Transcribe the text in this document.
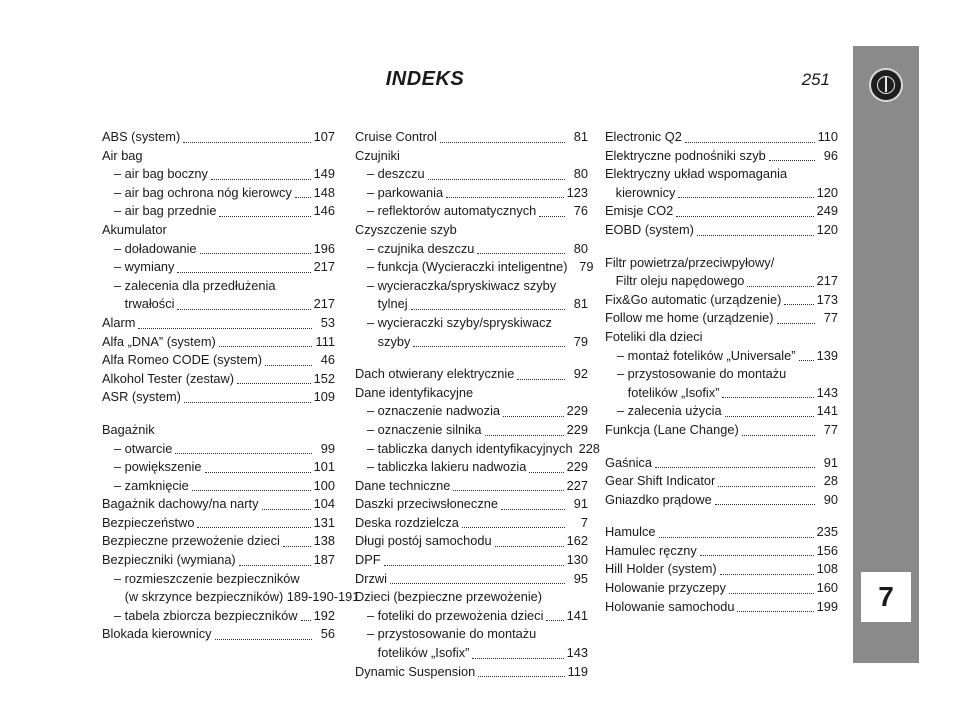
INDEKS	251
7
ABS (system)	107
Air bag
– air bag boczny	149
– air bag ochrona nóg kierowcy 148
– air bag przednie	146
Akumulator
– doładowanie	196
– wymiany	217
– zalecenia dla przedłużenia
trwałości	217
Alarm	53
Alfa „DNA” (system)	111
Alfa Romeo CODE (system)	46
Alkohol Tester (zestaw)	152
ASR (system)	109
Bagażnik
– otwarcie	99
– powiększenie	101
– zamknięcie	100
Bagażnik dachowy/na narty	104
Bezpieczeństwo	131
Bezpieczne przewożenie dzieci	138
Bezpieczniki (wymiana)	187
– rozmieszczenie bezpieczników
(w skrzynce bezpieczników) 189-190-191
– tabela zbiorcza bezpieczników 192
Blokada kierownicy	56
Cruise Control	81
Czujniki
– deszczu	80
– parkowania	123
– reflektorów automatycznych	76
Czyszczenie szyb
– czujnika deszczu	80
– funkcja (Wycieraczki inteligentne) 79
– wycieraczka/spryskiwacz szyby
tylnej	81
– wycieraczki szyby/spryskiwacz
szyby	79
Dach otwierany elektrycznie	92
Dane identyfikacyjne
– oznaczenie nadwozia	229
– oznaczenie silnika	229
– tabliczka danych identyfikacyjnych 228
– tabliczka lakieru nadwozia	229
Dane techniczne	227
Daszki przeciwsłoneczne	91
Deska rozdzielcza	7
Długi postój samochodu	162
DPF	130
Drzwi	95
Dzieci (bezpieczne przewożenie)
– foteliki do przewożenia dzieci 141
– przystosowanie do montażu
fotelików „Isofix”	143
Dynamic Suspension	119
Electronic Q2	110
Elektryczne podnośniki szyb	96
Elektryczny układ wspomagania
kierownicy	120
Emisje CO2	249
EOBD (system)	120
Filtr powietrza/przeciwpyłowy/
Filtr oleju napędowego	217
Fix&Go automatic (urządzenie)	173
Follow me home (urządzenie)	77
Foteliki dla dzieci
– montaż fotelików „Universale” 139
– przystosowanie do montażu
fotelików „Isofix”	143
– zalecenia użycia	141
Funkcja (Lane Change)	77
Gaśnica	91
Gear Shift Indicator	28
Gniazdko prądowe	90
Hamulce	235
Hamulec ręczny	156
Hill Holder (system)	108
Holowanie przyczepy	160
Holowanie samochodu	199
